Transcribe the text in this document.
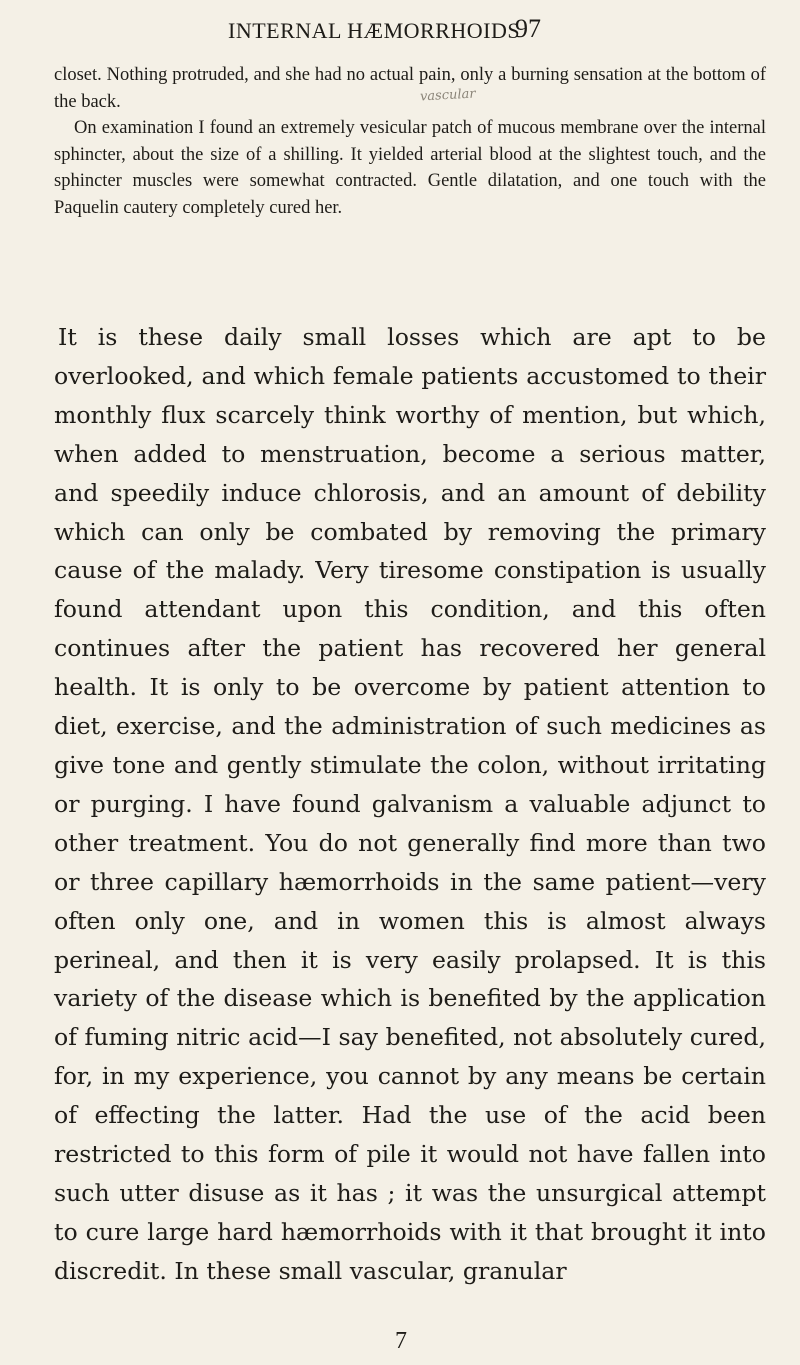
INTERNAL HÆMORRHOIDS
97
vascular

closet. Nothing protruded, and she had no actual pain, only a burning sensation at the bottom of the back.

On examination I found an extremely vesicular patch of mucous membrane over the internal sphincter, about the size of a shilling. It yielded arterial blood at the slightest touch, and the sphincter muscles were somewhat contracted. Gentle dilatation, and one touch with the Paquelin cautery completely cured her.

It is these daily small losses which are apt to be overlooked, and which female patients accustomed to their monthly flux scarcely think worthy of mention, but which, when added to menstruation, become a serious matter, and speedily induce chlorosis, and an amount of debility which can only be combated by removing the primary cause of the malady. Very tiresome constipation is usually found attendant upon this condition, and this often continues after the patient has recovered her general health. It is only to be overcome by patient attention to diet, exercise, and the administration of such medicines as give tone and gently stimulate the colon, without irritating or purging. I have found galvanism a valuable adjunct to other treatment. You do not generally find more than two or three capillary hæmorrhoids in the same patient—very often only one, and in women this is almost always perineal, and then it is very easily prolapsed. It is this variety of the disease which is benefited by the application of fuming nitric acid—I say benefited, not absolutely cured, for, in my experience, you cannot by any means be certain of effecting the latter. Had the use of the acid been restricted to this form of pile it would not have fallen into such utter disuse as it has ; it was the unsurgical attempt to cure large hard hæmorrhoids with it that brought it into discredit. In these small vascular, granular

7
